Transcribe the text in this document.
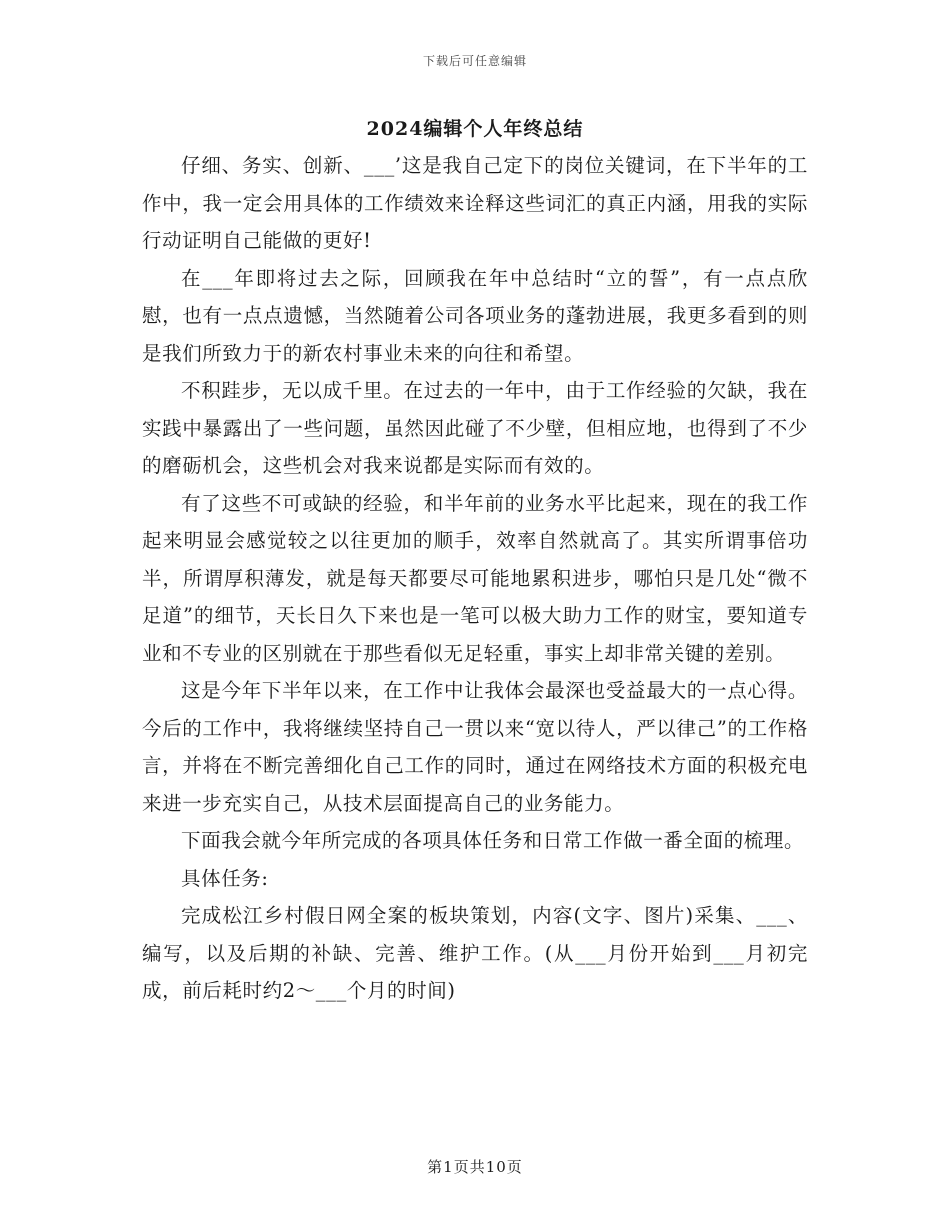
下载后可任意编辑
2024编辑个人年终总结

仔细、务实、创新、___’这是我自己定下的岗位关键词，在下半年的工作中，我一定会用具体的工作绩效来诠释这些词汇的真正内涵，用我的实际行动证明自己能做的更好!

在___年即将过去之际，回顾我在年中总结时“立的誓”，有一点点欣慰，也有一点点遗憾，当然随着公司各项业务的蓬勃进展，我更多看到的则是我们所致力于的新农村事业未来的向往和希望。

不积跬步，无以成千里。在过去的一年中，由于工作经验的欠缺，我在实践中暴露出了一些问题，虽然因此碰了不少壁，但相应地，也得到了不少的磨砺机会，这些机会对我来说都是实际而有效的。

有了这些不可或缺的经验，和半年前的业务水平比起来，现在的我工作起来明显会感觉较之以往更加的顺手，效率自然就高了。其实所谓事倍功半，所谓厚积薄发，就是每天都要尽可能地累积进步，哪怕只是几处“微不足道”的细节，天长日久下来也是一笔可以极大助力工作的财宝，要知道专业和不专业的区别就在于那些看似无足轻重，事实上却非常关键的差别。

这是今年下半年以来，在工作中让我体会最深也受益最大的一点心得。今后的工作中，我将继续坚持自己一贯以来“宽以待人，严以律己”的工作格言，并将在不断完善细化自己工作的同时，通过在网络技术方面的积极充电来进一步充实自己，从技术层面提高自己的业务能力。

下面我会就今年所完成的各项具体任务和日常工作做一番全面的梳理。

具体任务:

完成松江乡村假日网全案的板块策划，内容(文字、图片)采集、___、编写，以及后期的补缺、完善、维护工作。(从___月份开始到___月初完成，前后耗时约2～___个月的时间)

第1页共10页
